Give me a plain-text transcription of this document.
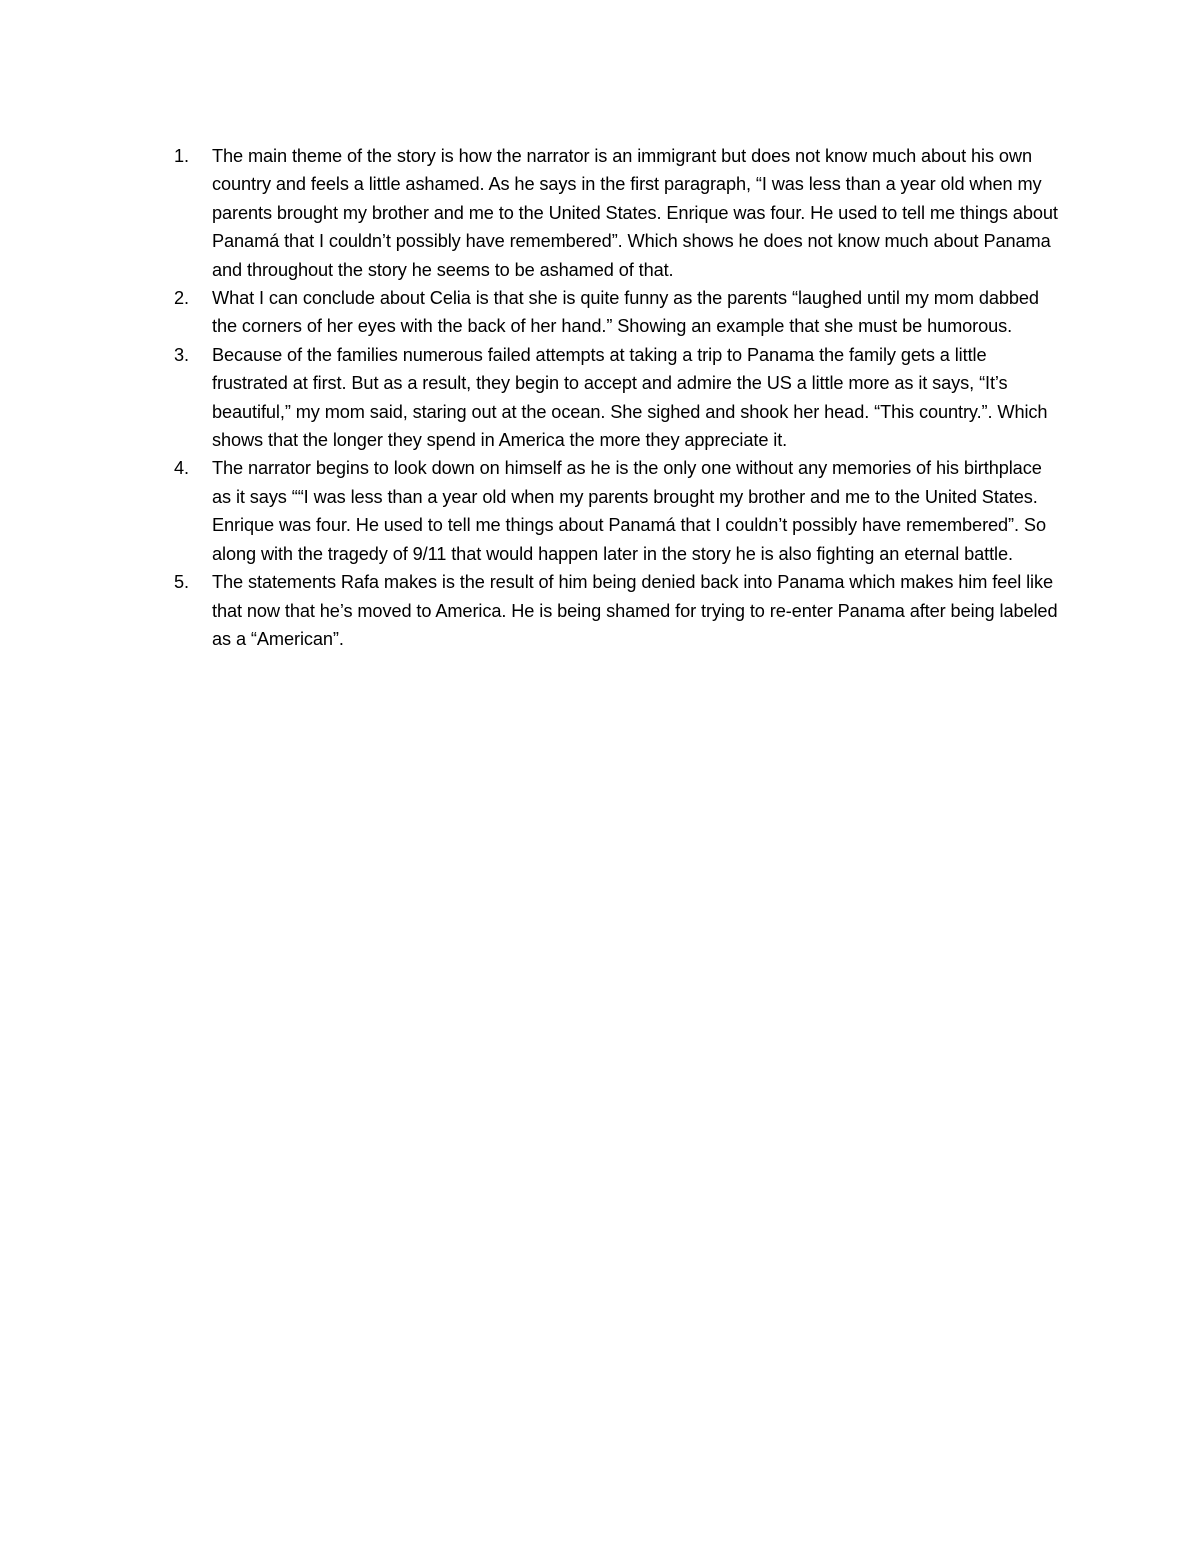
1. The main theme of the story is how the narrator is an immigrant but does not know much about his own country and feels a little ashamed. As he says in the first paragraph, “I was less than a year old when my parents brought my brother and me to the United States. Enrique was four. He used to tell me things about Panamá that I couldn’t possibly have remembered”. Which shows he does not know much about Panama and throughout the story he seems to be ashamed of that.
2. What I can conclude about Celia is that she is quite funny as the parents “laughed until my mom dabbed the corners of her eyes with the back of her hand.” Showing an example that she must be humorous.
3. Because of the families numerous failed attempts at taking a trip to Panama the family gets a little frustrated at first. But as a result, they begin to accept and admire the US a little more as it says, “It’s beautiful,” my mom said, staring out at the ocean. She sighed and shook her head. “This country.”. Which shows that the longer they spend in America the more they appreciate it.
4. The narrator begins to look down on himself as he is the only one without any memories of his birthplace as it says ““I was less than a year old when my parents brought my brother and me to the United States. Enrique was four. He used to tell me things about Panamá that I couldn’t possibly have remembered”. So along with the tragedy of 9/11 that would happen later in the story he is also fighting an eternal battle.
5. The statements Rafa makes is the result of him being denied back into Panama which makes him feel like that now that he’s moved to America. He is being shamed for trying to re-enter Panama after being labeled as a “American”.
